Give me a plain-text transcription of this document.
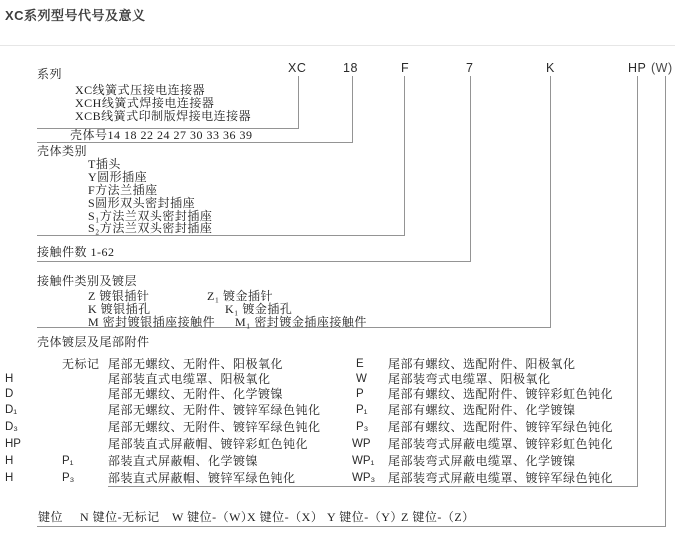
XC系列型号代号及意义
XC	18	F	7	K	HP (W)
系列
XC线簧式压接电连接器
XCH线簧式焊接电连接器
XCB线簧式印制版焊接电连接器
壳体号14 18 22 24 27 30 33 36 39
壳体类别
T插头
Y圆形插座
F方法兰插座
S圆形双头密封插座
S₁方法兰双头密封插座
S₂方法兰双头密封插座
接触件数 1-62
接触件类别及镀层
Z 镀银插针	Z₁ 镀金插针
K 镀银插孔	K₁ 镀金插孔
M 密封镀银插座接触件 M₁ 密封镀金插座接触件
壳体镀层及尾部附件
无标记 尾部无螺纹、无附件、阳极氧化	E 尾部有螺纹、选配附件、阳极氧化
H	尾部装直式电缆罩、阳极氧化	W 尾部装弯式电缆罩、阳极氧化
D	尾部无螺纹、无附件、化学镀镍	P 尾部有螺纹、选配附件、镀锌彩虹色钝化
D₁	尾部无螺纹、无附件、镀锌军绿色钝化	P₁ 尾部有螺纹、选配附件、化学镀镍
D₃	尾部无螺纹、无附件、镀锌军绿色钝化	P₃ 尾部有螺纹、选配附件、镀锌军绿色钝化
HP	尾部装直式屏蔽帽、镀锌彩虹色钝化	WP 尾部装弯式屏蔽电缆罩、镀锌彩虹色钝化
H	P₁	部装直式屏蔽帽、化学镀镍	WP₁ 尾部装弯式屏蔽电缆罩、化学镀镍
H	P₃	部装直式屏蔽帽、镀锌军绿色钝化	WP₃ 尾部装弯式屏蔽电缆罩、镀锌军绿色钝化
键位 N 键位-无标记 W 键位-（W）
X 键位-（X） Y 键位-（Y）
Z 键位-（Z）
